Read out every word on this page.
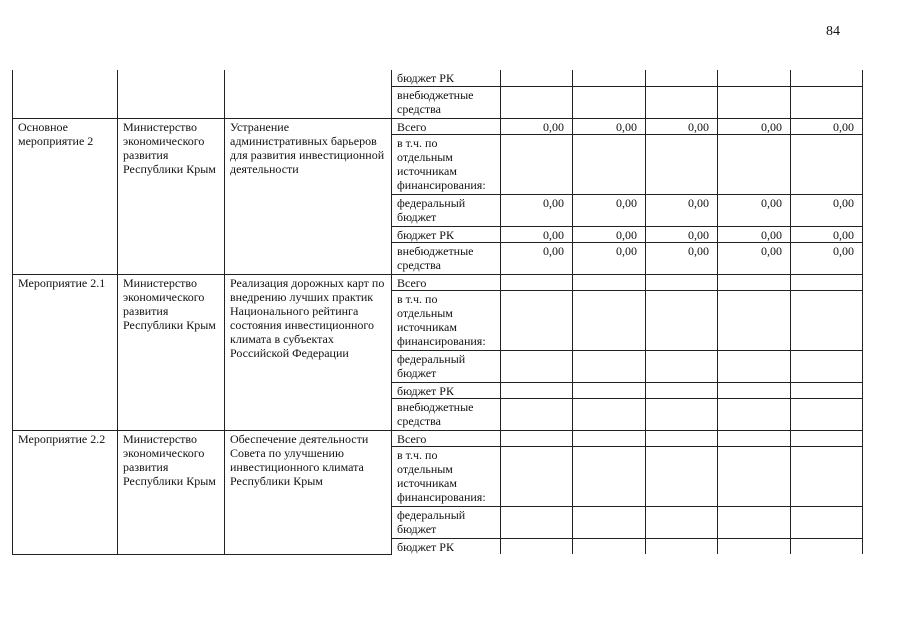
84
			бюджет РК					
			внебюджетные средства					
Основное мероприятие 2	Министерство экономического развития Республики Крым	Устранение административных барьеров для развития инвестиционной деятельности	Всего	0,00	0,00	0,00	0,00	0,00
			в т.ч. по отдельным источникам финансирования:					
			федеральный бюджет	0,00	0,00	0,00	0,00	0,00
			бюджет РК	0,00	0,00	0,00	0,00	0,00
			внебюджетные средства	0,00	0,00	0,00	0,00	0,00
Мероприятие 2.1	Министерство экономического развития Республики Крым	Реализация дорожных карт по внедрению лучших практик Национального рейтинга состояния инвестиционного климата в субъектах Российской Федерации	Всего					
			в т.ч. по отдельным источникам финансирования:					
			федеральный бюджет					
			бюджет РК					
			внебюджетные средства					
Мероприятие 2.2	Министерство экономического развития Республики Крым	Обеспечение деятельности Совета по улучшению инвестиционного климата Республики Крым	Всего					
			в т.ч. по отдельным источникам финансирования:					
			федеральный бюджет					
			бюджет РК					
